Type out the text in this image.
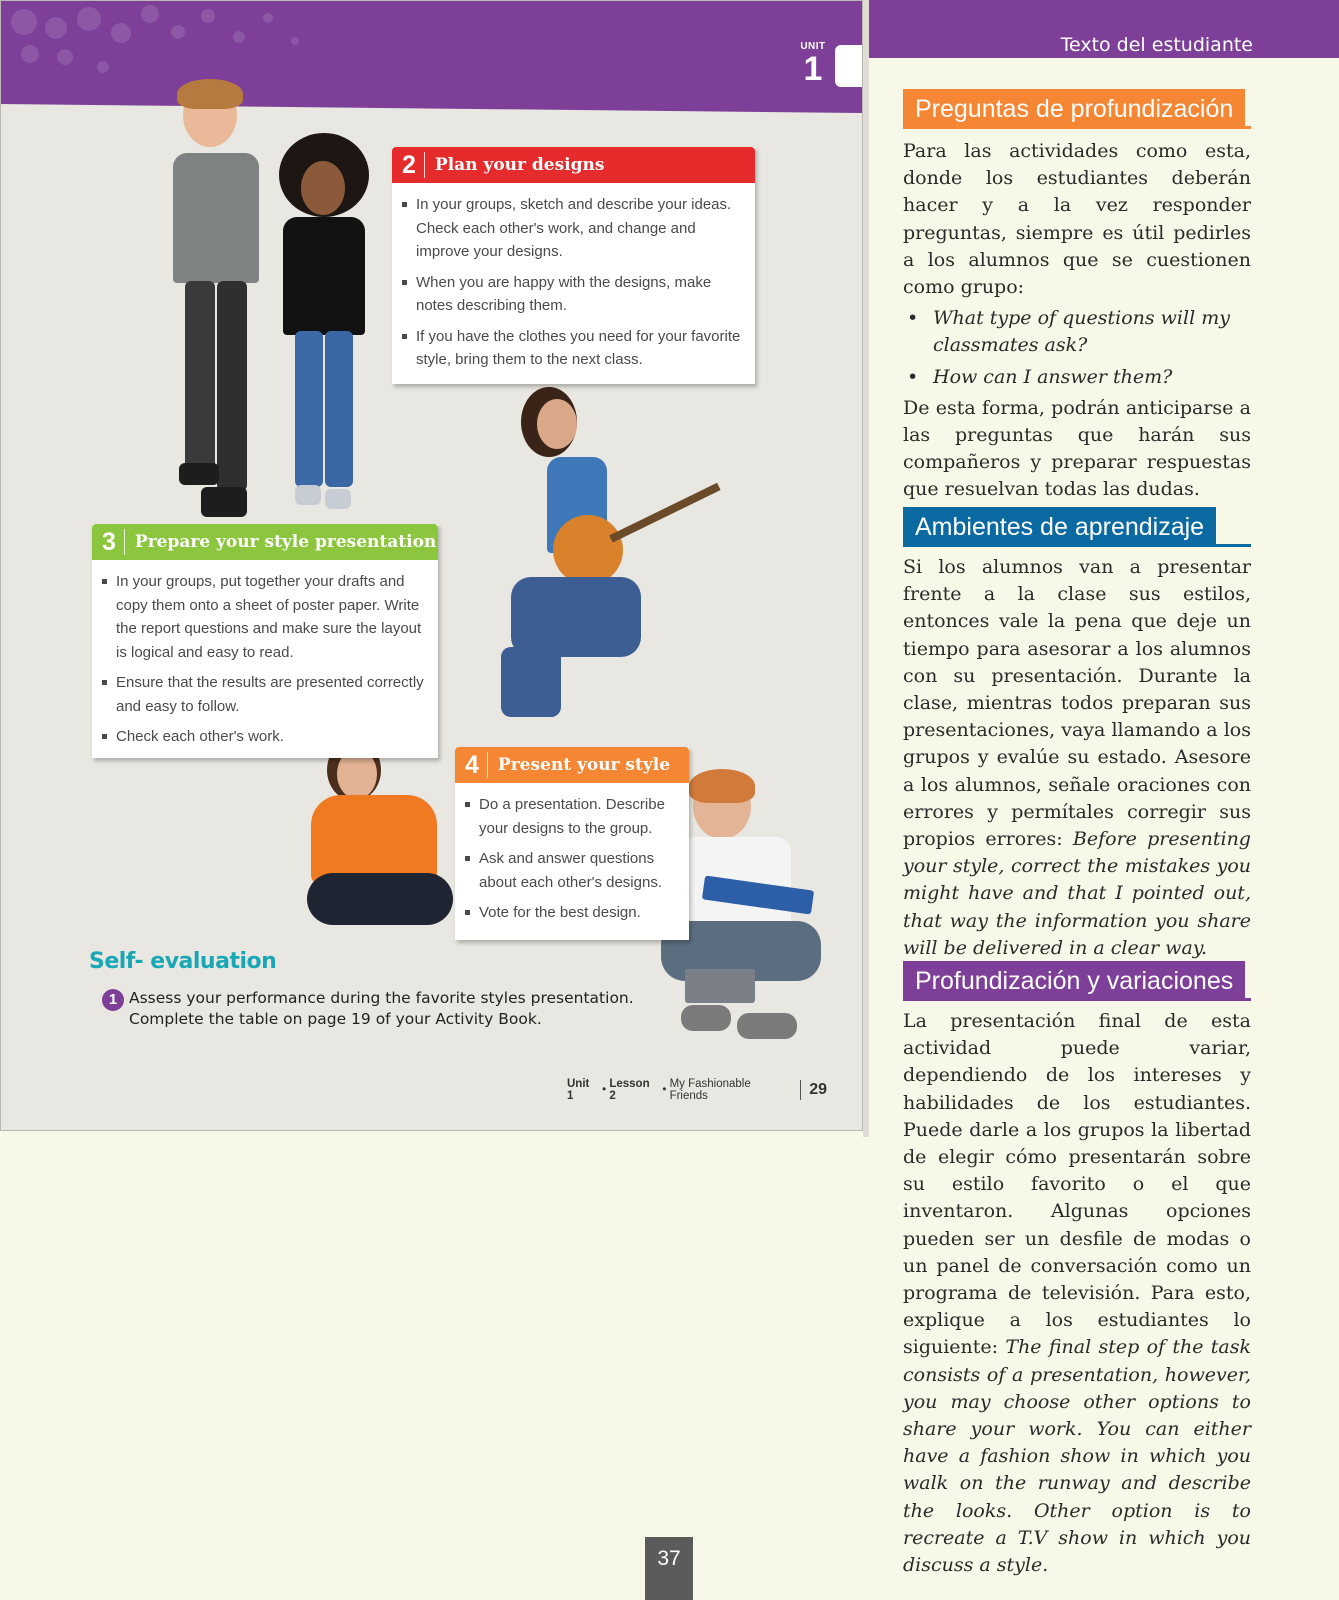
Texto del estudiante
UNIT
1
2	Plan your designs
In your groups, sketch and describe your ideas. Check each other's work, and change and improve your designs.
When you are happy with the designs, make notes describing them.
If you have the clothes you need for your favorite style, bring them to the next class.
3	Prepare your style presentation
In your groups, put together your drafts and copy them onto a sheet of poster paper. Write the report questions and make sure the layout is logical and easy to read.
Ensure that the results are presented correctly and easy to follow.
Check each other's work.
4	Present your style
Do a presentation. Describe your designs to the group.
Ask and answer questions about each other's designs.
Vote for the best design.
Self- evaluation
1 Assess your performance during the favorite styles presentation.
Complete the table on page 19 of your Activity Book.
Unit 1	• Lesson 2	• My Fashionable Friends	29
Preguntas de profundización

Para las actividades como esta, donde los estudiantes deberán hacer y a la vez responder preguntas, siempre es útil pedirles a los alumnos que se cuestionen como grupo:

• What type of questions will my classmates ask?
• How can I answer them?

De esta forma, podrán anticiparse a las preguntas que harán sus compañeros y preparar respuestas que resuelvan todas las dudas.

Ambientes de aprendizaje

Si los alumnos van a presentar frente a la clase sus estilos, entonces vale la pena que deje un tiempo para asesorar a los alumnos con su presentación. Durante la clase, mientras todos preparan sus presentaciones, vaya llamando a los grupos y evalúe su estado. Asesore a los alumnos, señale oraciones con errores y permítales corregir sus propios errores: Before presenting your style, correct the mistakes you might have and that I pointed out, that way the information you share will be delivered in a clear way.

Profundización y variaciones

La presentación final de esta actividad puede variar, dependiendo de los intereses y habilidades de los estudiantes. Puede darle a los grupos la libertad de elegir cómo presentarán sobre su estilo favorito o el que inventaron. Algunas opciones pueden ser un desfile de modas o un panel de conversación como un programa de televisión. Para esto, explique a los estudiantes lo siguiente: The final step of the task consists of a presentation, however, you may choose other options to share your work. You can either have a fashion show in which you walk on the runway and describe the looks. Other option is to recreate a T.V show in which you discuss a style.

37
